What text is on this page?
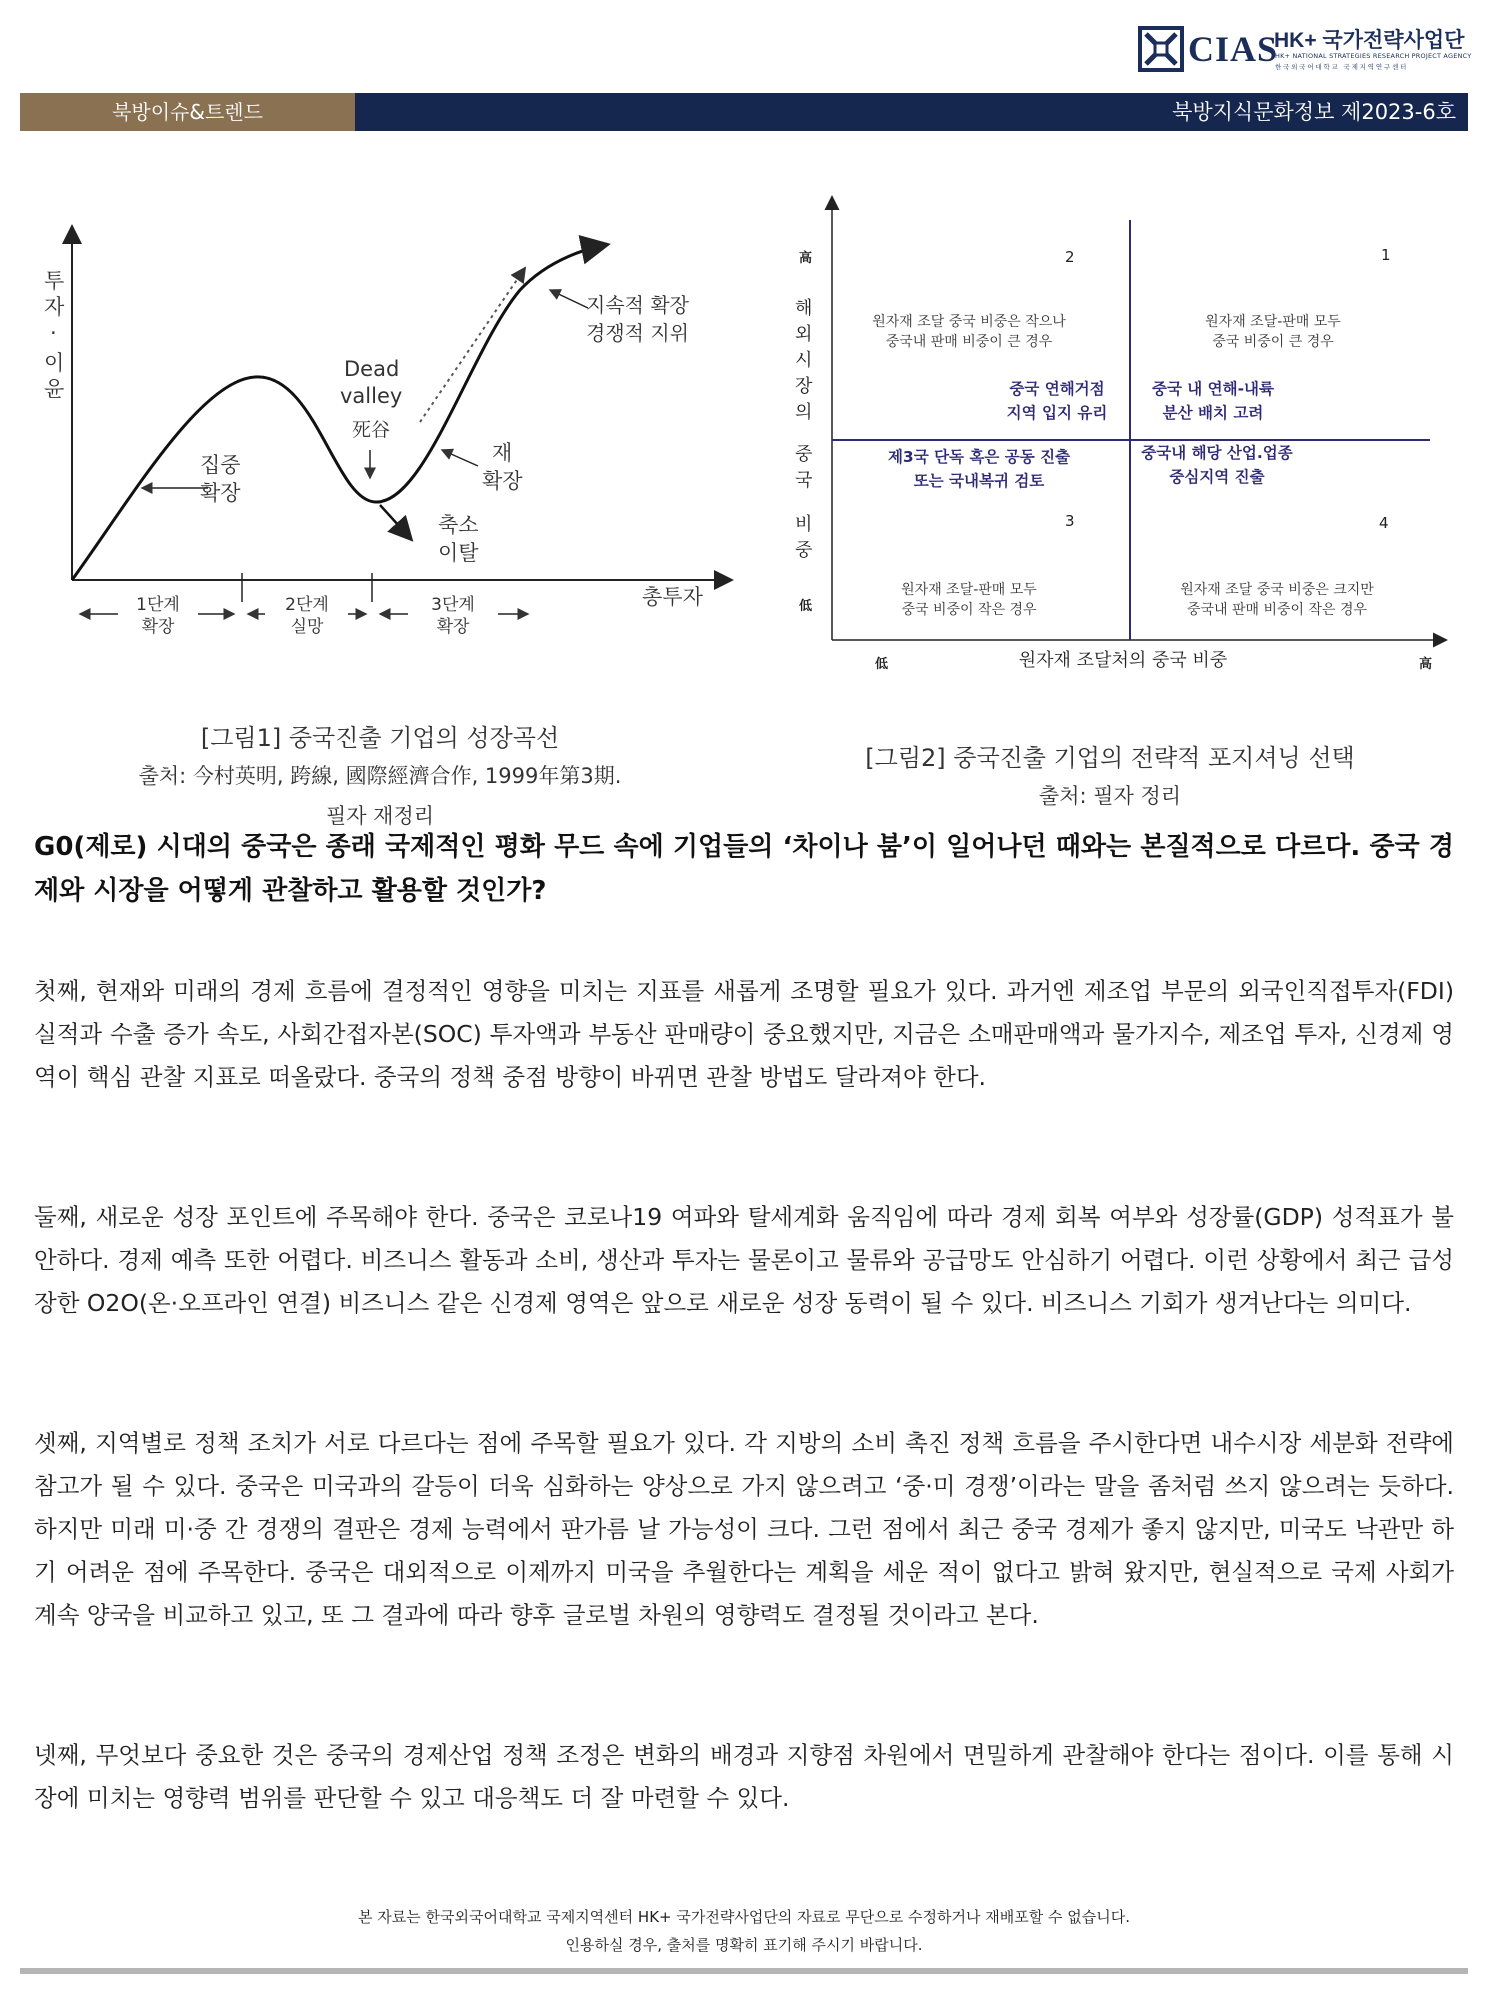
CIAS
HK+ 국가전략사업단
HK+ NATIONAL STRATEGIES RESEARCH PROJECT AGENCY
한국외국어대학교 국제지역연구센터
북방이슈&트렌드	북방지식문화정보 제2023-6호
투
자
·
이
윤
집중
확장
Dead
valley
死谷
지속적 확장
경쟁적 지위
재
확장
축소
이탈
총투자
1단계
확장
2단계
실망
3단계
확장
高
해
외
시
장
의
중
국
비
중
低
低	원자재 조달처의 중국 비중	高
2
원자재 조달 중국 비중은 작으나
중국내 판매 비중이 큰 경우
중국 연해거점
지역 입지 유리
1
원자재 조달-판매 모두
중국 비중이 큰 경우
중국 내 연해-내륙
분산 배치 고려
제3국 단독 혹은 공동 진출
또는 국내복귀 검토
3
원자재 조달-판매 모두
중국 비중이 작은 경우
중국내 해당 산업.업종
중심지역 진출
4
원자재 조달 중국 비중은 크지만
중국내 판매 비중이 작은 경우
[그림1] 중국진출 기업의 성장곡선
출처: 今村英明, 跨線, 國際經濟合作, 1999年第3期.
필자 재정리
[그림2] 중국진출 기업의 전략적 포지셔닝 선택
출처: 필자 정리
G0(제로) 시대의 중국은 종래 국제적인 평화 무드 속에 기업들의 ‘차이나 붐’이 일어나던 때와는 본질적으로 다르다. 중국 경제와 시장을 어떻게 관찰하고 활용할 것인가?
첫째, 현재와 미래의 경제 흐름에 결정적인 영향을 미치는 지표를 새롭게 조명할 필요가 있다. 과거엔 제조업 부문의 외국인직접투자(FDI) 실적과 수출 증가 속도, 사회간접자본(SOC) 투자액과 부동산 판매량이 중요했지만, 지금은 소매판매액과 물가지수, 제조업 투자, 신경제 영역이 핵심 관찰 지표로 떠올랐다. 중국의 정책 중점 방향이 바뀌면 관찰 방법도 달라져야 한다.
둘째, 새로운 성장 포인트에 주목해야 한다. 중국은 코로나19 여파와 탈세계화 움직임에 따라 경제 회복 여부와 성장률(GDP) 성적표가 불안하다. 경제 예측 또한 어렵다. 비즈니스 활동과 소비, 생산과 투자는 물론이고 물류와 공급망도 안심하기 어렵다. 이런 상황에서 최근 급성장한 O2O(온·오프라인 연결) 비즈니스 같은 신경제 영역은 앞으로 새로운 성장 동력이 될 수 있다. 비즈니스 기회가 생겨난다는 의미다.
셋째, 지역별로 정책 조치가 서로 다르다는 점에 주목할 필요가 있다. 각 지방의 소비 촉진 정책 흐름을 주시한다면 내수시장 세분화 전략에 참고가 될 수 있다. 중국은 미국과의 갈등이 더욱 심화하는 양상으로 가지 않으려고 ‘중·미 경쟁’이라는 말을 좀처럼 쓰지 않으려는 듯하다. 하지만 미래 미·중 간 경쟁의 결판은 경제 능력에서 판가름 날 가능성이 크다. 그런 점에서 최근 중국 경제가 좋지 않지만, 미국도 낙관만 하기 어려운 점에 주목한다. 중국은 대외적으로 이제까지 미국을 추월한다는 계획을 세운 적이 없다고 밝혀 왔지만, 현실적으로 국제 사회가 계속 양국을 비교하고 있고, 또 그 결과에 따라 향후 글로벌 차원의 영향력도 결정될 것이라고 본다.
넷째, 무엇보다 중요한 것은 중국의 경제산업 정책 조정은 변화의 배경과 지향점 차원에서 면밀하게 관찰해야 한다는 점이다. 이를 통해 시장에 미치는 영향력 범위를 판단할 수 있고 대응책도 더 잘 마련할 수 있다.
본 자료는 한국외국어대학교 국제지역센터 HK+ 국가전략사업단의 자료로 무단으로 수정하거나 재배포할 수 없습니다.
인용하실 경우, 출처를 명확히 표기해 주시기 바랍니다.
